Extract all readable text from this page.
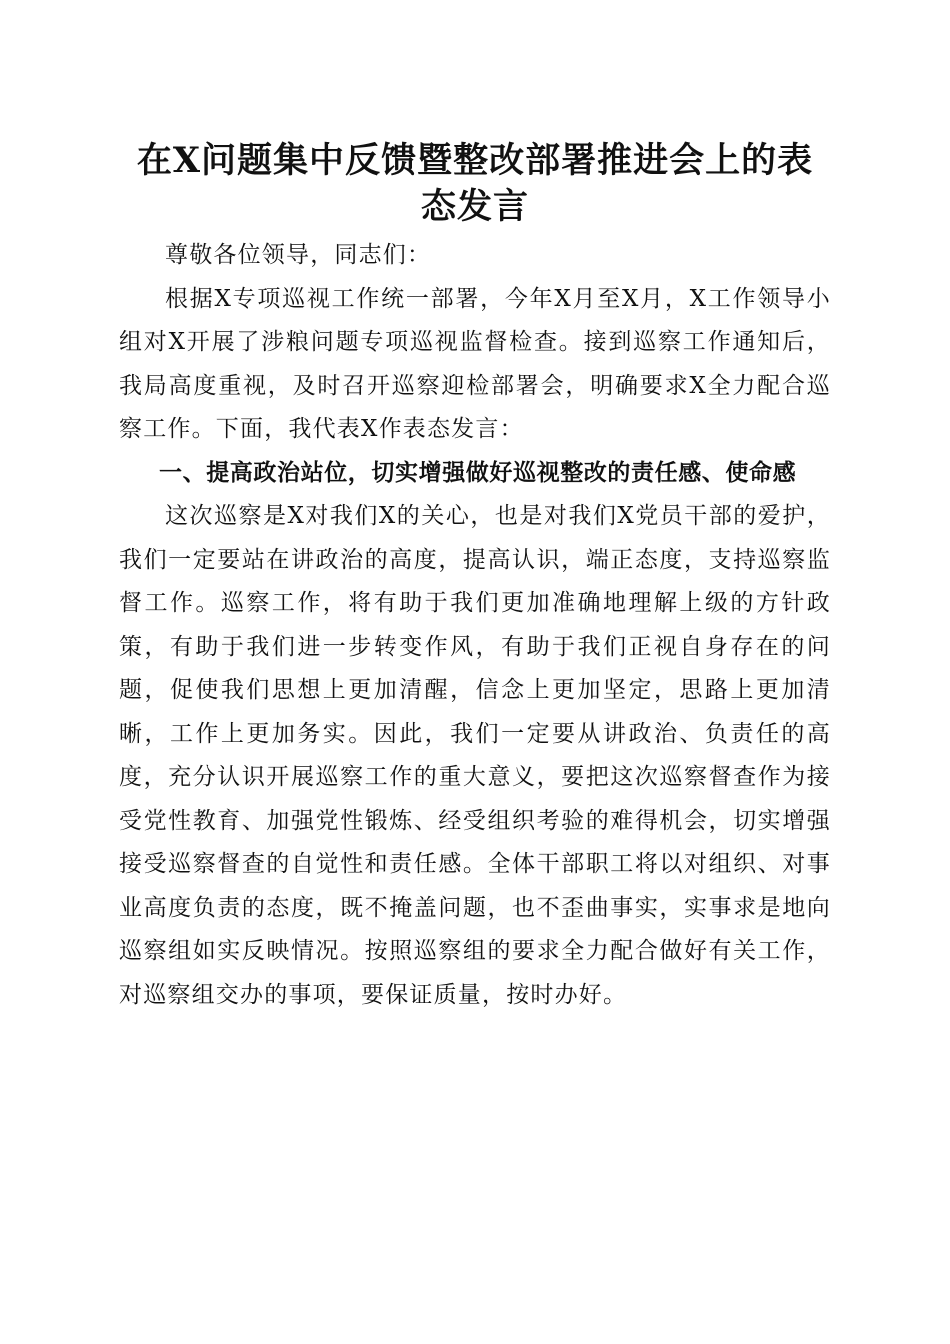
在X问题集中反馈暨整改部署推进会上的表态发言

尊敬各位领导，同志们：

根据X专项巡视工作统一部署，今年X月至X月，X工作领导小组对X开展了涉粮问题专项巡视监督检查。接到巡察工作通知后，我局高度重视，及时召开巡察迎检部署会，明确要求X全力配合巡察工作。下面，我代表X作表态发言：

一、提高政治站位，切实增强做好巡视整改的责任感、使命感

这次巡察是X对我们X的关心，也是对我们X党员干部的爱护，我们一定要站在讲政治的高度，提高认识，端正态度，支持巡察监督工作。巡察工作，将有助于我们更加准确地理解上级的方针政策，有助于我们进一步转变作风，有助于我们正视自身存在的问题，促使我们思想上更加清醒，信念上更加坚定，思路上更加清晰，工作上更加务实。因此，我们一定要从讲政治、负责任的高度，充分认识开展巡察工作的重大意义，要把这次巡察督查作为接受党性教育、加强党性锻炼、经受组织考验的难得机会，切实增强接受巡察督查的自觉性和责任感。全体干部职工将以对组织、对事业高度负责的态度，既不掩盖问题，也不歪曲事实，实事求是地向巡察组如实反映情况。按照巡察组的要求全力配合做好有关工作，对巡察组交办的事项，要保证质量，按时办好。
